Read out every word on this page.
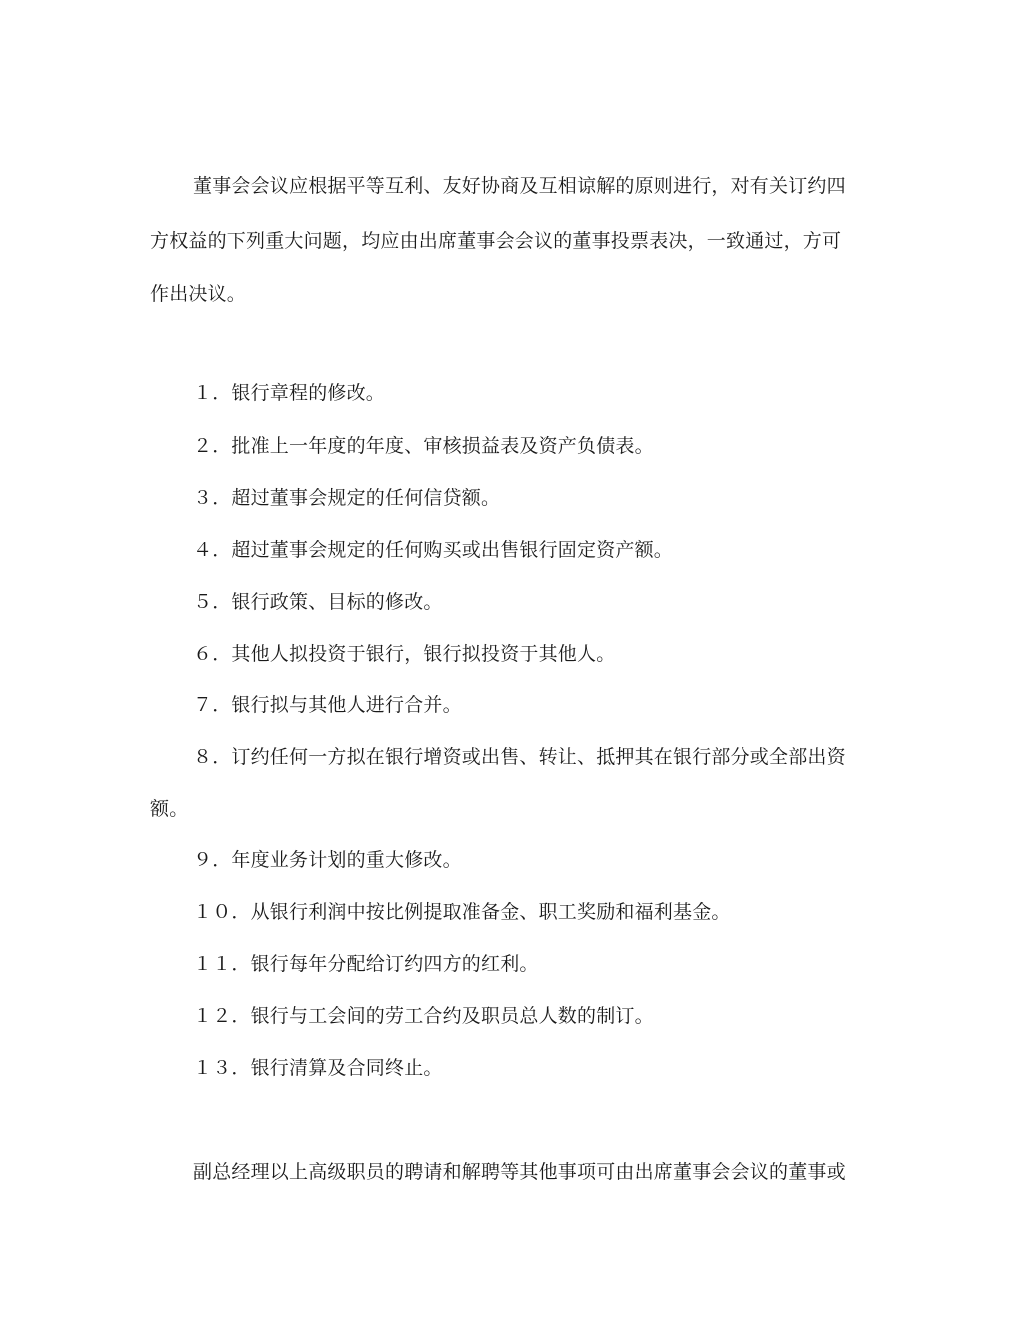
董事会会议应根据平等互利、友好协商及互相谅解的原则进行，对有关订约四
方权益的下列重大问题，均应由出席董事会会议的董事投票表决，一致通过，方可
作出决议。
１．银行章程的修改。
２．批准上一年度的年度、审核损益表及资产负债表。
３．超过董事会规定的任何信贷额。
４．超过董事会规定的任何购买或出售银行固定资产额。
５．银行政策、目标的修改。
６．其他人拟投资于银行，银行拟投资于其他人。
７．银行拟与其他人进行合并。
８．订约任何一方拟在银行增资或出售、转让、抵押其在银行部分或全部出资
额。
９．年度业务计划的重大修改。
１０．从银行利润中按比例提取准备金、职工奖励和福利基金。
１１．银行每年分配给订约四方的红利。
１２．银行与工会间的劳工合约及职员总人数的制订。
１３．银行清算及合同终止。
副总经理以上高级职员的聘请和解聘等其他事项可由出席董事会会议的董事或
